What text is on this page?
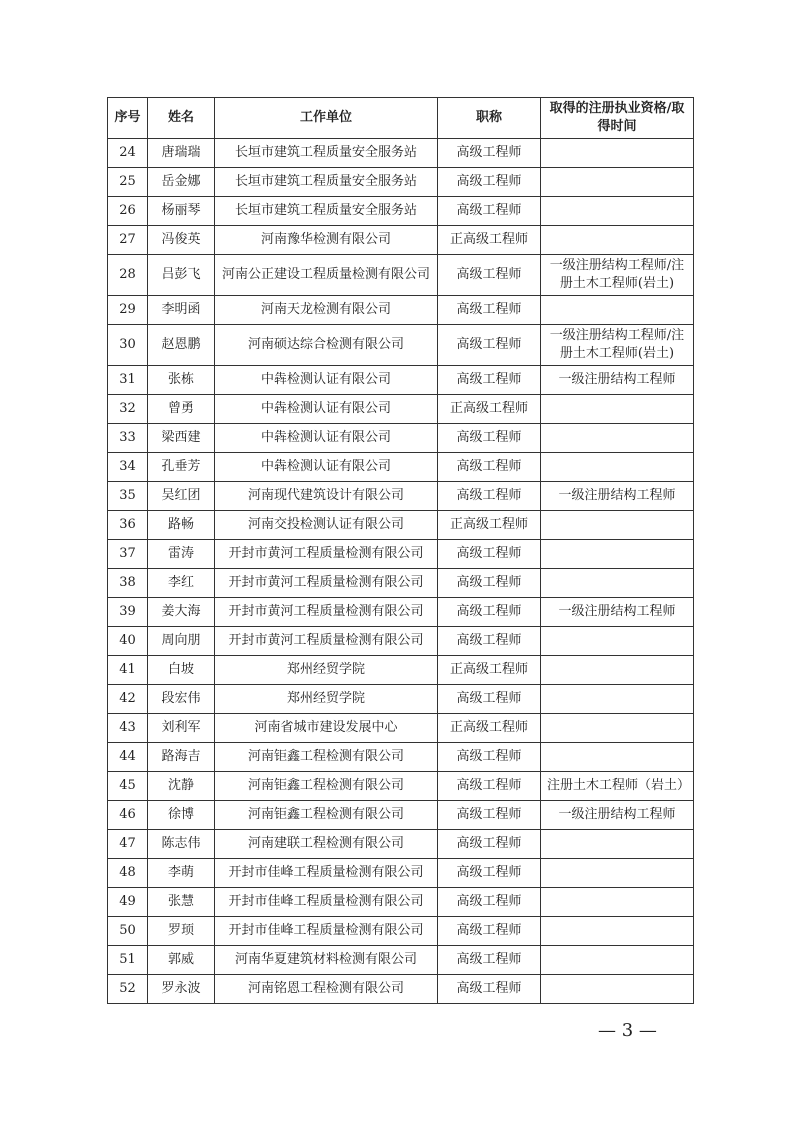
序号	姓名	工作单位	职称	取得的注册执业资格/取得时间
24	唐瑞瑞	长垣市建筑工程质量安全服务站	高级工程师	
25	岳金娜	长垣市建筑工程质量安全服务站	高级工程师	
26	杨丽琴	长垣市建筑工程质量安全服务站	高级工程师	
27	冯俊英	河南豫华检测有限公司	正高级工程师	
28	吕彭飞	河南公正建设工程质量检测有限公司	高级工程师	一级注册结构工程师/注册土木工程师(岩土)
29	李明函	河南天龙检测有限公司	高级工程师	
30	赵恩鹏	河南硕达综合检测有限公司	高级工程师	一级注册结构工程师/注册土木工程师(岩土)
31	张栋	中犇检测认证有限公司	高级工程师	一级注册结构工程师
32	曾勇	中犇检测认证有限公司	正高级工程师	
33	梁西建	中犇检测认证有限公司	高级工程师	
34	孔垂芳	中犇检测认证有限公司	高级工程师	
35	吴红团	河南现代建筑设计有限公司	高级工程师	一级注册结构工程师
36	路畅	河南交投检测认证有限公司	正高级工程师	
37	雷涛	开封市黄河工程质量检测有限公司	高级工程师	
38	李红	开封市黄河工程质量检测有限公司	高级工程师	
39	姜大海	开封市黄河工程质量检测有限公司	高级工程师	一级注册结构工程师
40	周向朋	开封市黄河工程质量检测有限公司	高级工程师	
41	白坡	郑州经贸学院	正高级工程师	
42	段宏伟	郑州经贸学院	高级工程师	
43	刘利军	河南省城市建设发展中心	正高级工程师	
44	路海吉	河南钜鑫工程检测有限公司	高级工程师	
45	沈静	河南钜鑫工程检测有限公司	高级工程师	注册土木工程师（岩土）
46	徐博	河南钜鑫工程检测有限公司	高级工程师	一级注册结构工程师
47	陈志伟	河南建联工程检测有限公司	高级工程师	
48	李萌	开封市佳峰工程质量检测有限公司	高级工程师	
49	张慧	开封市佳峰工程质量检测有限公司	高级工程师	
50	罗顼	开封市佳峰工程质量检测有限公司	高级工程师	
51	郭威	河南华夏建筑材料检测有限公司	高级工程师	
52	罗永波	河南铭恩工程检测有限公司	高级工程师	
— 3 —
